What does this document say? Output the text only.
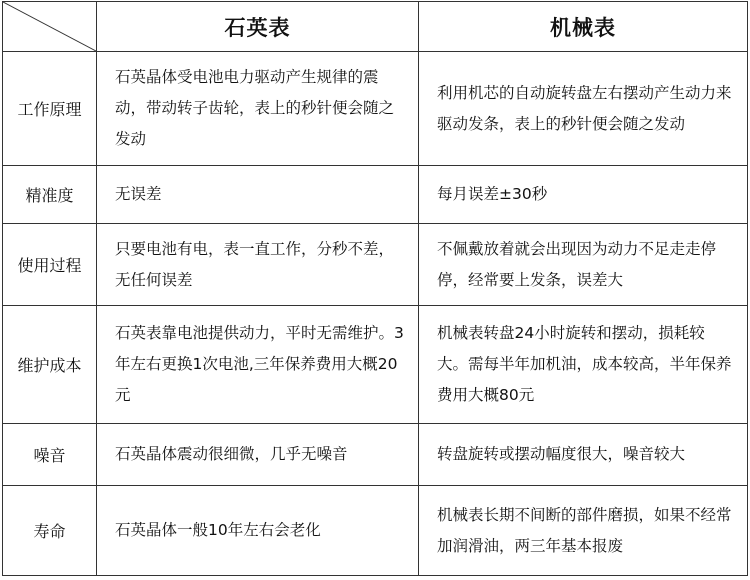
	石英表	机械表
工作原理	石英晶体受电池电力驱动产生规律的震动，带动转子齿轮，表上的秒针便会随之发动	利用机芯的自动旋转盘左右摆动产生动力来驱动发条，表上的秒针便会随之发动
精准度	无误差	每月误差±30秒
使用过程	只要电池有电，表一直工作，分秒不差，无任何误差	不佩戴放着就会出现因为动力不足走走停停，经常要上发条，误差大
维护成本	石英表靠电池提供动力，平时无需维护。3年左右更换1次电池,三年保养费用大概20元	机械表转盘24小时旋转和摆动，损耗较大。需每半年加机油，成本较高，半年保养费用大概80元
噪音	石英晶体震动很细微，几乎无噪音	转盘旋转或摆动幅度很大，噪音较大
寿命	石英晶体一般10年左右会老化	机械表长期不间断的部件磨损，如果不经常加润滑油，两三年基本报废
